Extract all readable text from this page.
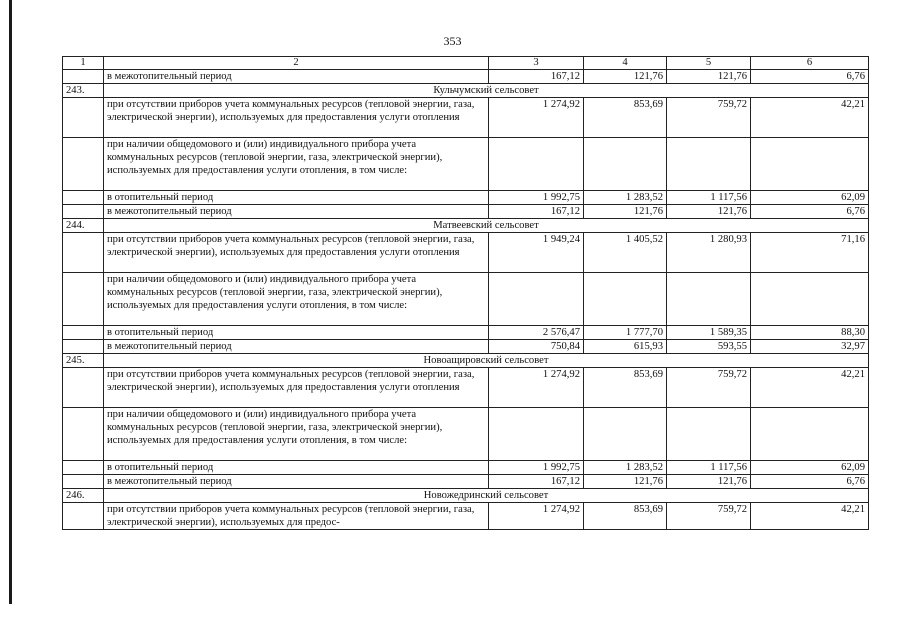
353
1	2	3	4	5	6
	в межотопительный период	167,12	121,76	121,76	6,76
243.	Кульчумский сельсовет				
	при отсутствии приборов учета коммунальных ресурсов (тепловой энергии, газа, электрической энергии), используемых для предоставления услуги отопления	1 274,92	853,69	759,72	42,21
	при наличии общедомового и (или) индивидуального прибора учета коммунальных ресурсов (тепловой энергии, газа, электрической энергии), используемых для предоставления услуги отопления, в том числе:				
	в отопительный период	1 992,75	1 283,52	1 117,56	62,09
	в межотопительный период	167,12	121,76	121,76	6,76
244.	Матвеевский сельсовет				
	при отсутствии приборов учета коммунальных ресурсов (тепловой энергии, газа, электрической энергии), используемых для предоставления услуги отопления	1 949,24	1 405,52	1 280,93	71,16
	при наличии общедомового и (или) индивидуального прибора учета коммунальных ресурсов (тепловой энергии, газа, электрической энергии), используемых для предоставления услуги отопления, в том числе:				
	в отопительный период	2 576,47	1 777,70	1 589,35	88,30
	в межотопительный период	750,84	615,93	593,55	32,97
245.	Новоащировский сельсовет				
	при отсутствии приборов учета коммунальных ресурсов (тепловой энергии, газа, электрической энергии), используемых для предоставления услуги отопления	1 274,92	853,69	759,72	42,21
	при наличии общедомового и (или) индивидуального прибора учета коммунальных ресурсов (тепловой энергии, газа, электрической энергии), используемых для предоставления услуги отопления, в том числе:				
	в отопительный период	1 992,75	1 283,52	1 117,56	62,09
	в межотопительный период	167,12	121,76	121,76	6,76
246.	Новожедринский сельсовет				
	при отсутствии приборов учета коммунальных ресурсов (тепловой энергии, газа, электрической энергии), используемых для предос-	1 274,92	853,69	759,72	42,21
